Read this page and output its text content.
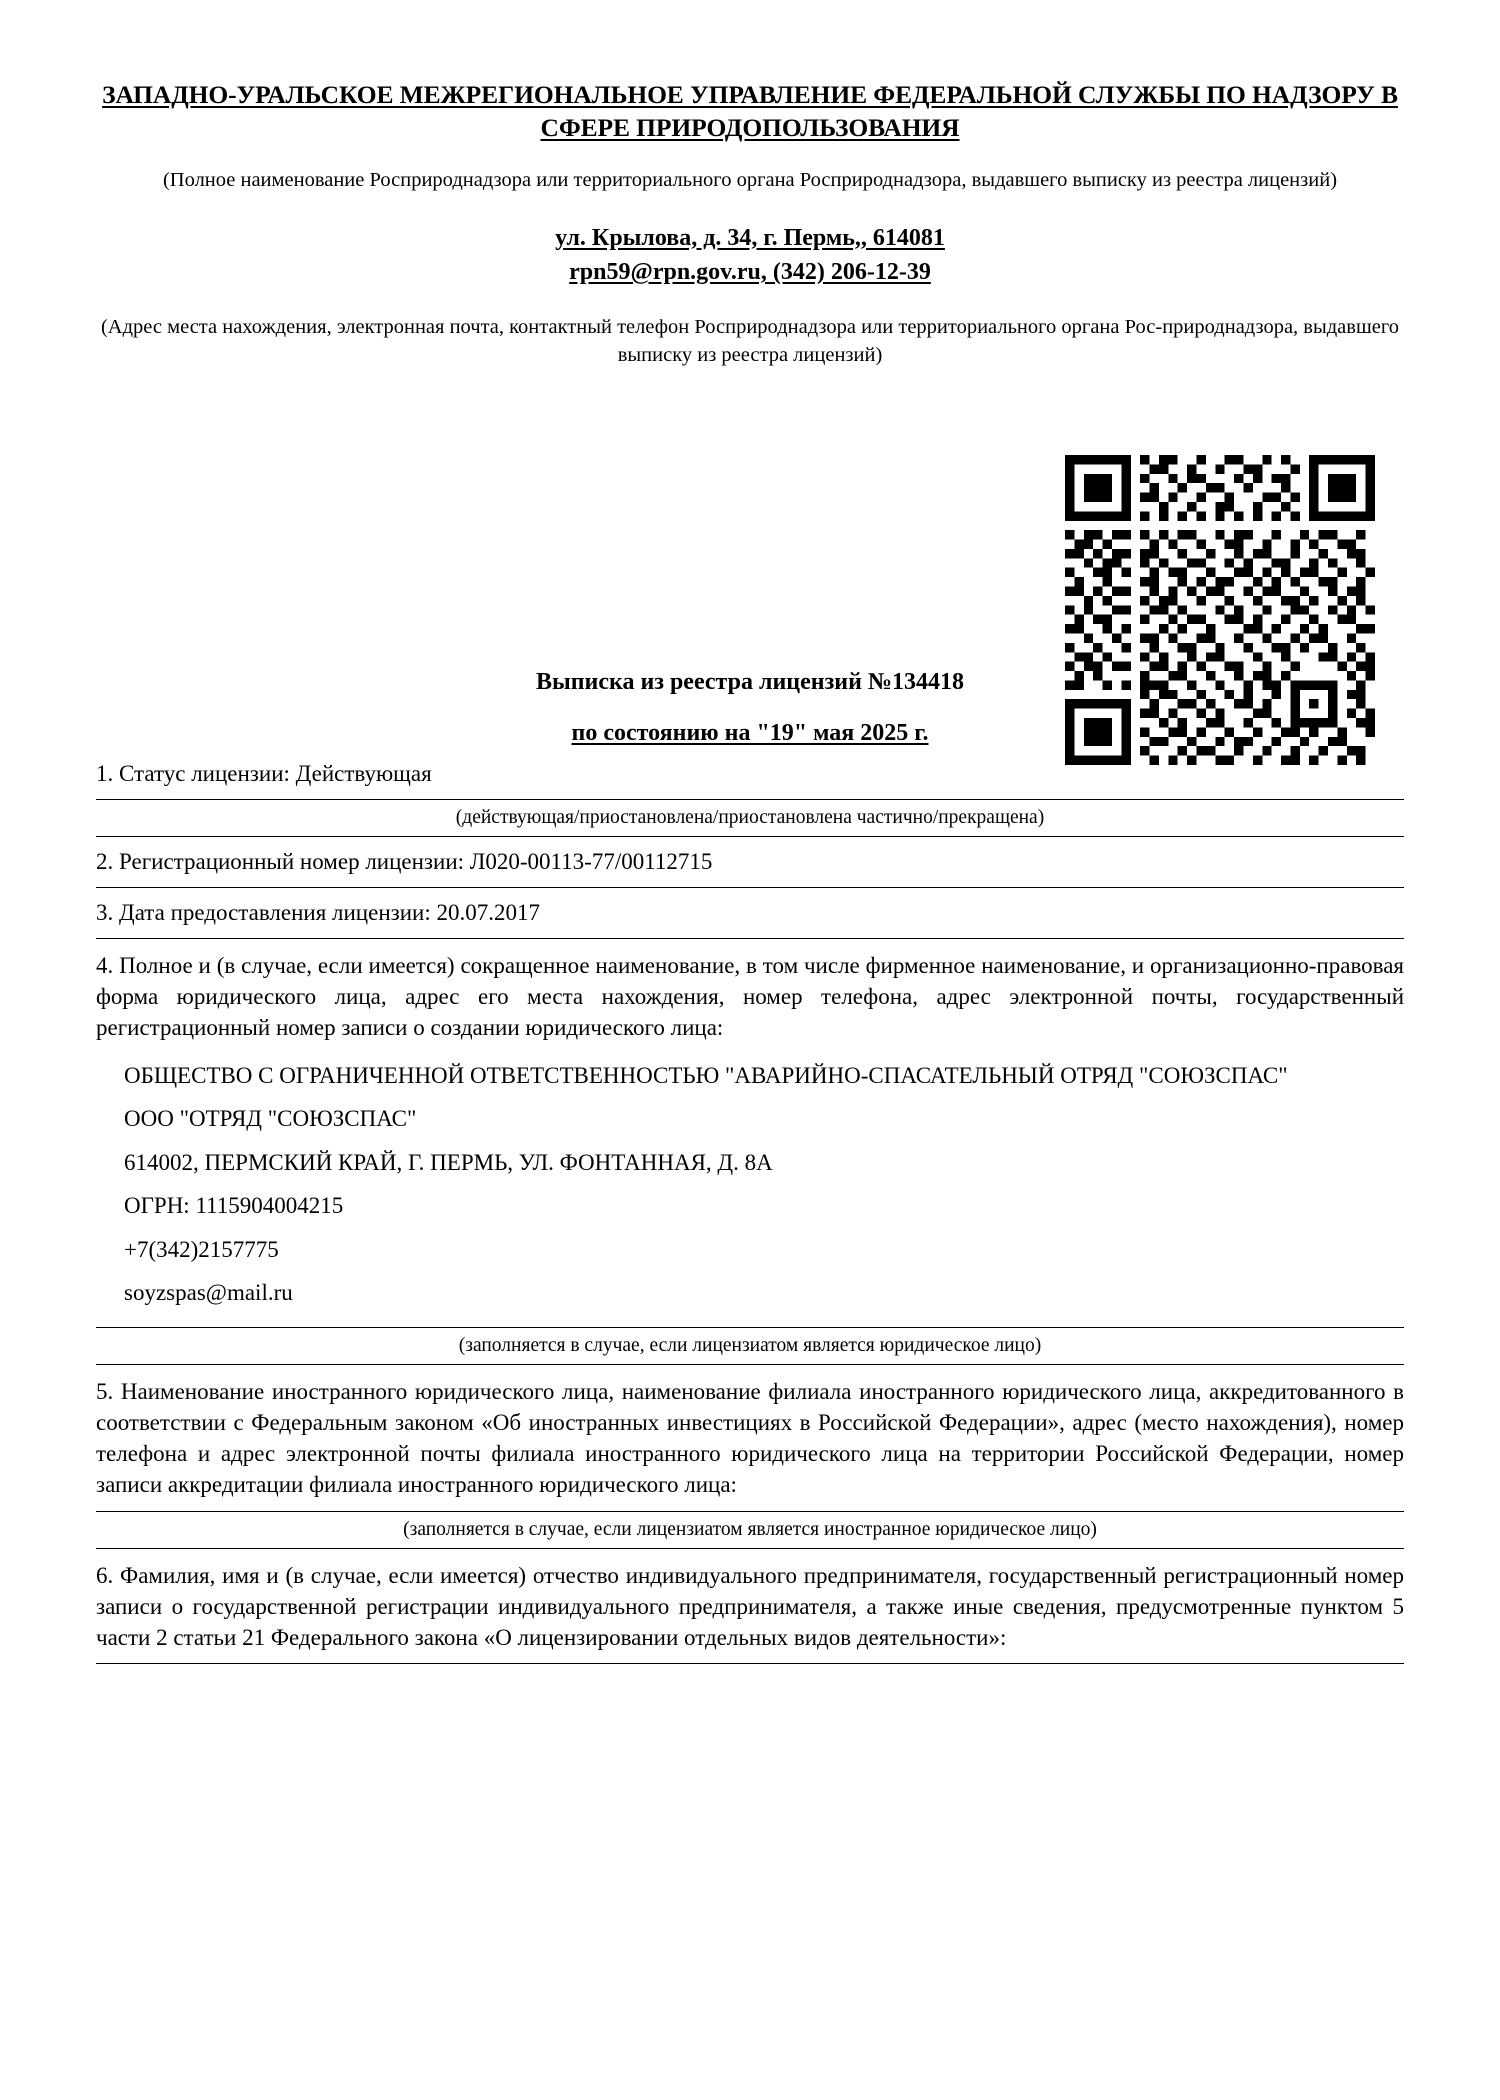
ЗАПАДНО-УРАЛЬСКОЕ МЕЖРЕГИОНАЛЬНОЕ УПРАВЛЕНИЕ ФЕДЕРАЛЬНОЙ СЛУЖБЫ ПО НАДЗОРУ В СФЕРЕ ПРИРОДОПОЛЬЗОВАНИЯ
(Полное наименование Росприроднадзора или территориального органа Росприроднадзора, выдавшего выписку из реестра лицензий)
ул. Крылова, д. 34, г. Пермь,, 614081
rpn59@rpn.gov.ru, (342) 206-12-39
(Адрес места нахождения, электронная почта, контактный телефон Росприроднадзора или территориального органа Рос-природнадзора, выдавшего выписку из реестра лицензий)
Выписка из реестра лицензий №134418
по состоянию на "19" мая 2025 г.
1. Статус лицензии: Действующая
(действующая/приостановлена/приостановлена частично/прекращена)
2. Регистрационный номер лицензии: Л020-00113-77/00112715
3. Дата предоставления лицензии: 20.07.2017
4. Полное и (в случае, если имеется) сокращенное наименование, в том числе фирменное наименование, и организационно-правовая форма юридического лица, адрес его места нахождения, номер телефона, адрес электронной почты, государственный регистрационный номер записи о создании юридического лица:
ОБЩЕСТВО С ОГРАНИЧЕННОЙ ОТВЕТСТВЕННОСТЬЮ "АВАРИЙНО-СПАСАТЕЛЬНЫЙ ОТРЯД "СОЮЗСПАС"
ООО "ОТРЯД "СОЮЗСПАС"
614002, ПЕРМСКИЙ КРАЙ, Г. ПЕРМЬ, УЛ. ФОНТАННАЯ, Д. 8А
ОГРН: 1115904004215
+7(342)2157775
soyzspas@mail.ru
(заполняется в случае, если лицензиатом является юридическое лицо)
5. Наименование иностранного юридического лица, наименование филиала иностранного юридического лица, аккредитованного в соответствии с Федеральным законом «Об иностранных инвестициях в Российской Федерации», адрес (место нахождения), номер телефона и адрес электронной почты филиала иностранного юридического лица на территории Российской Федерации, номер записи аккредитации филиала иностранного юридического лица:
(заполняется в случае, если лицензиатом является иностранное юридическое лицо)
6. Фамилия, имя и (в случае, если имеется) отчество индивидуального предпринимателя, государственный регистрационный номер записи о государственной регистрации индивидуального предпринимателя, а также иные сведения, предусмотренные пунктом 5 части 2 статьи 21 Федерального закона «О лицензировании отдельных видов деятельности»:
